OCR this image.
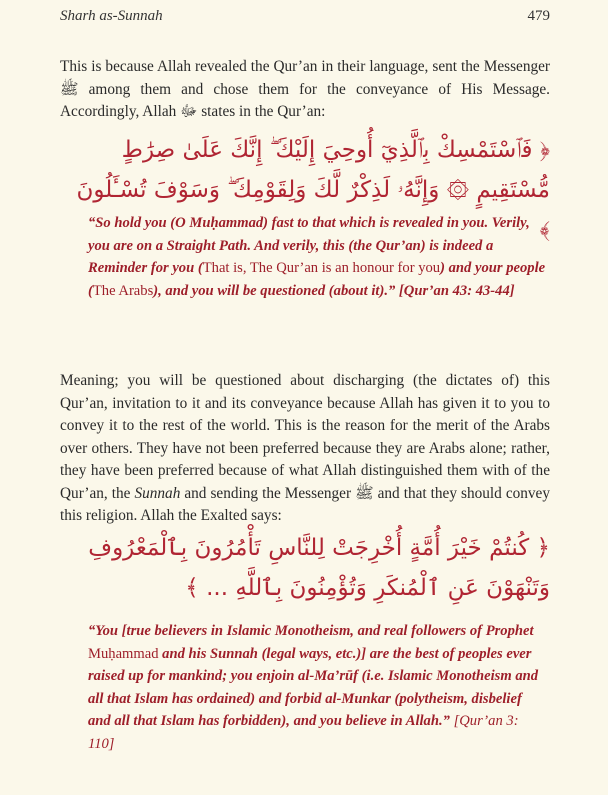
Sharh as-Sunnah	479
This is because Allah revealed the Qur’an in their language, sent the Messenger ﷺ among them and chose them for the conveyance of His Message. Accordingly, Allah ﷻ states in the Qur’an:
﴿ فَٱسْتَمْسِكْ بِٱلَّذِيٓ أُوحِيَ إِلَيْكَ ۖ إِنَّكَ عَلَىٰ صِرَٰطٍ مُّسْتَقِيمٍ ۞ وَإِنَّهُۥ لَذِكْرٌ لَّكَ وَلِقَوْمِكَ ۖ وَسَوْفَ تُسْـَٔلُونَ ﴾
“So hold you (O Muḥammad) fast to that which is revealed in you. Verily, you are on a Straight Path. And verily, this (the Qur’an) is indeed a Reminder for you (That is, The Qur’an is an honour for you) and your people (The Arabs), and you will be questioned (about it).” [Qur’an 43: 43-44]
Meaning; you will be questioned about discharging (the dictates of) this Qur’an, invitation to it and its conveyance because Allah has given it to you to convey it to the rest of the world. This is the reason for the merit of the Arabs over others. They have not been preferred because they are Arabs alone; rather, they have been preferred because of what Allah distinguished them with of the Qur’an, the Sunnah and sending the Messenger ﷺ and that they should convey this religion. Allah the Exalted says:
﴿ كُنتُمْ خَيْرَ أُمَّةٍ أُخْرِجَتْ لِلنَّاسِ تَأْمُرُونَ بِٱلْمَعْرُوفِ وَتَنْهَوْنَ عَنِ ٱلْمُنكَرِ وَتُؤْمِنُونَ بِٱللَّهِ ... ﴾
“You [true believers in Islamic Monotheism, and real followers of Prophet Muḥammad and his Sunnah (legal ways, etc.)] are the best of peoples ever raised up for mankind; you enjoin al-Ma’rūf (i.e. Islamic Monotheism and all that Islam has ordained) and forbid al-Munkar (polytheism, disbelief and all that Islam has forbidden), and you believe in Allah.” [Qur’an 3: 110]
